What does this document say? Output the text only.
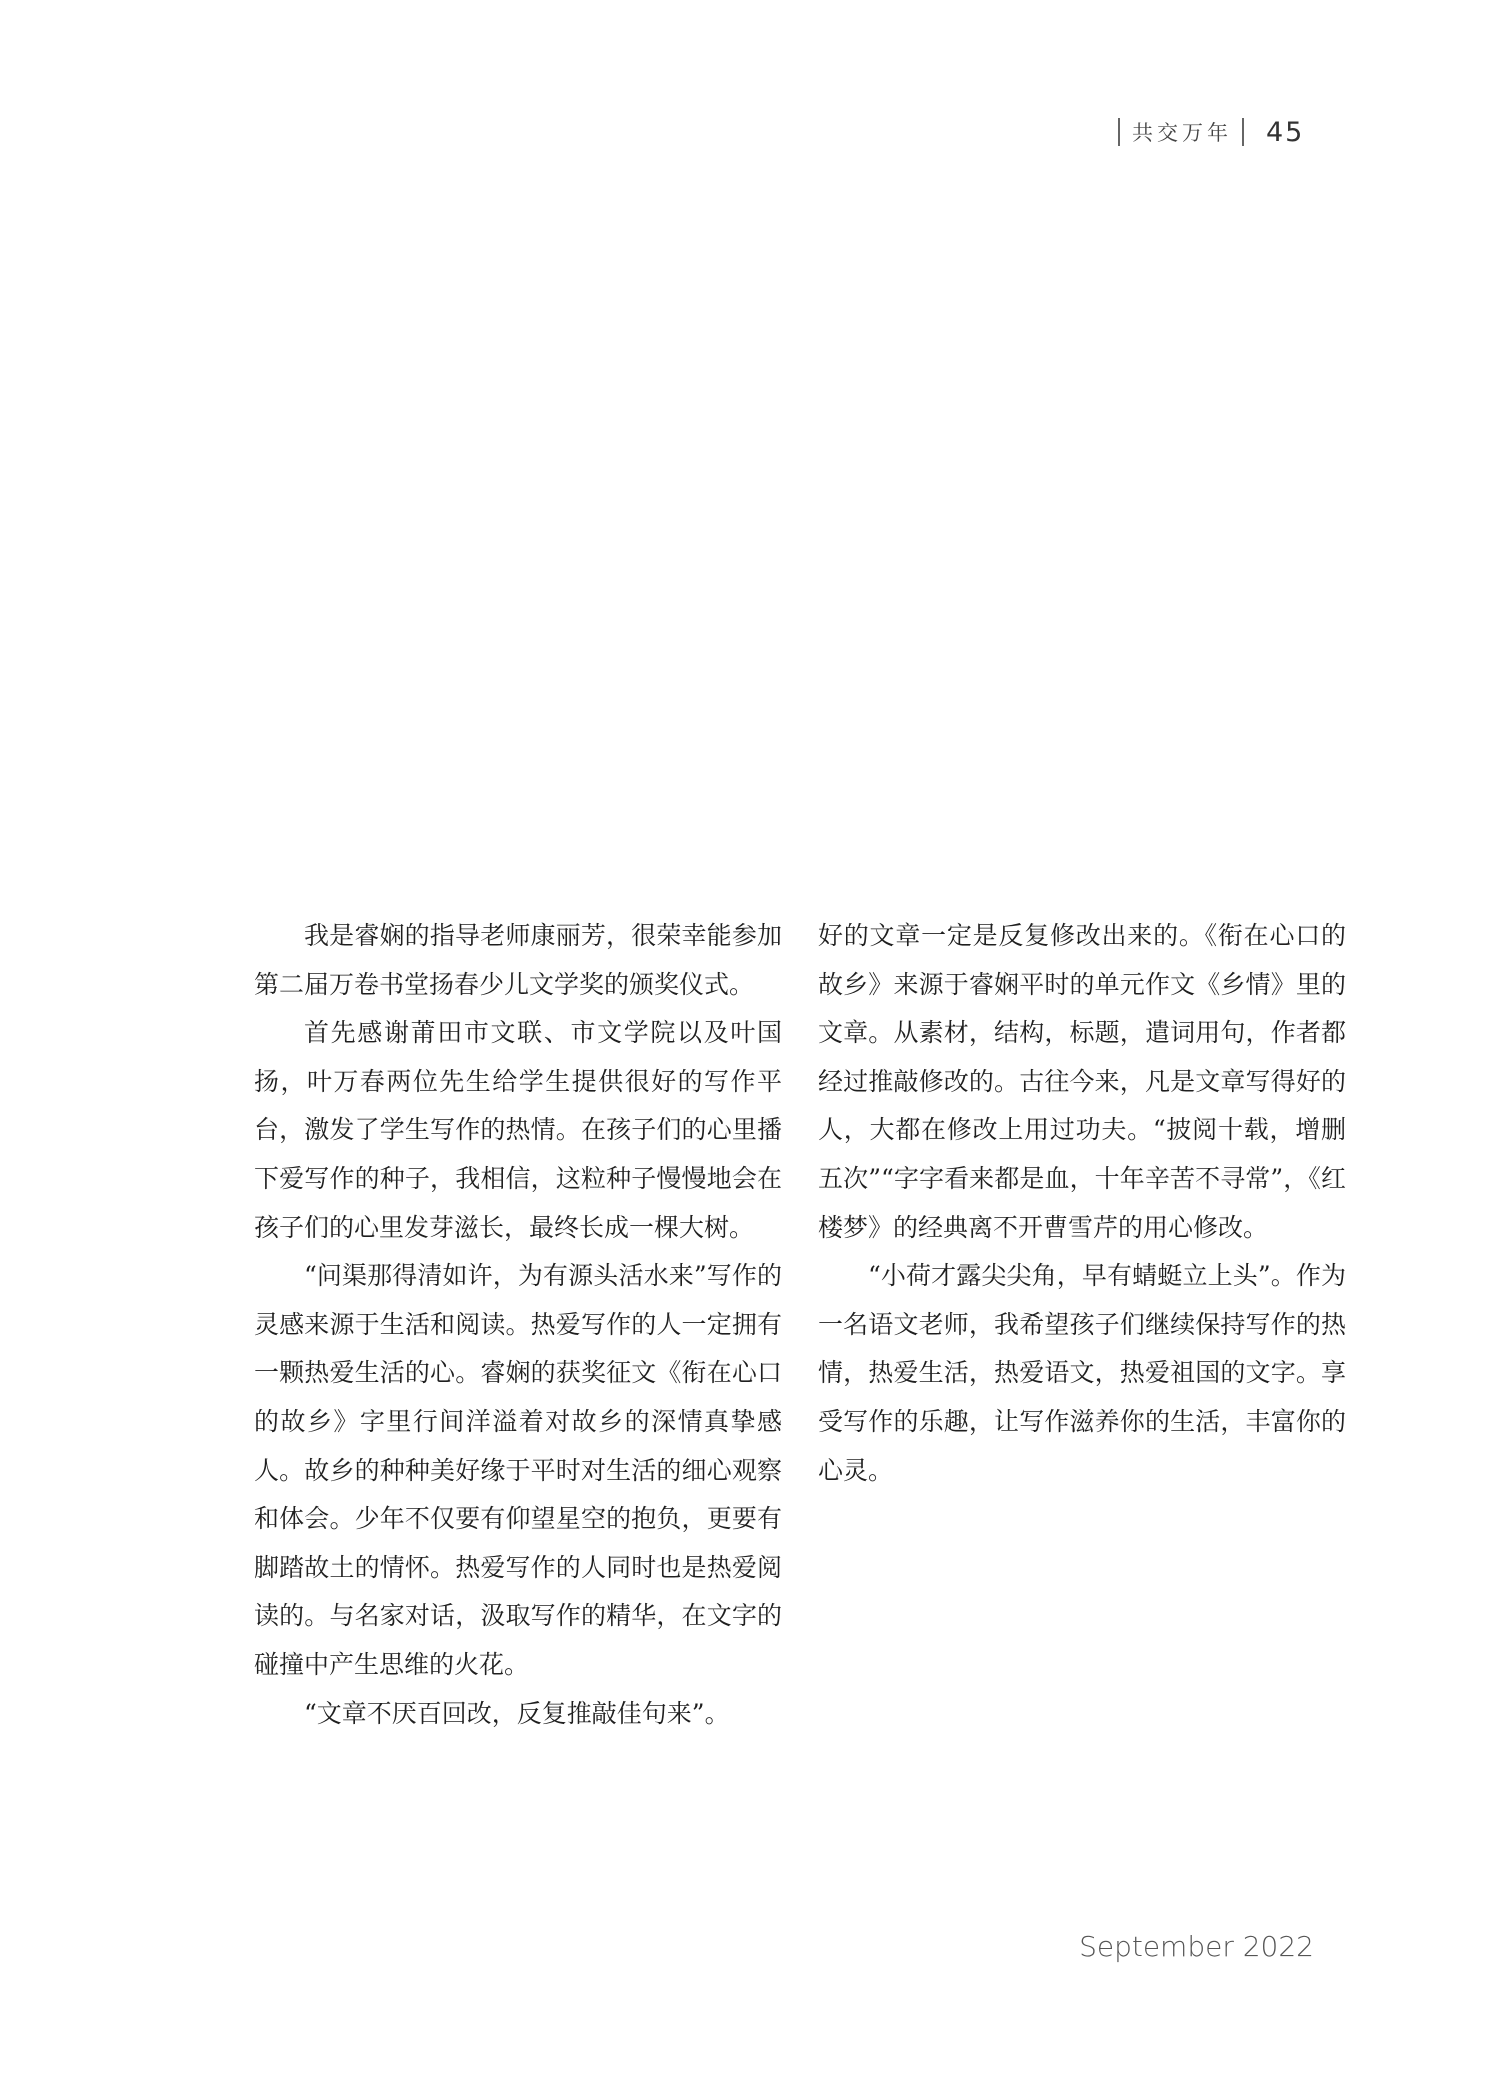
共交万年 45

我是睿娴的指导老师康丽芳，很荣幸能参加第二届万卷书堂扬春少儿文学奖的颁奖仪式。

首先感谢莆田市文联、市文学院以及叶国扬，叶万春两位先生给学生提供很好的写作平台，激发了学生写作的热情。在孩子们的心里播下爱写作的种子，我相信，这粒种子慢慢地会在孩子们的心里发芽滋长，最终长成一棵大树。

“问渠那得清如许，为有源头活水来”写作的灵感来源于生活和阅读。热爱写作的人一定拥有一颗热爱生活的心。睿娴的获奖征文《衔在心口的故乡》字里行间洋溢着对故乡的深情真挚感人。故乡的种种美好缘于平时对生活的细心观察和体会。少年不仅要有仰望星空的抱负，更要有脚踏故土的情怀。热爱写作的人同时也是热爱阅读的。与名家对话，汲取写作的精华，在文字的碰撞中产生思维的火花。

“文章不厌百回改，反复推敲佳句来”。

好的文章一定是反复修改出来的。《衔在心口的故乡》来源于睿娴平时的单元作文《乡情》里的文章。从素材，结构，标题，遣词用句，作者都经过推敲修改的。古往今来，凡是文章写得好的人，大都在修改上用过功夫。“披阅十载，增删五次”“字字看来都是血，十年辛苦不寻常”，《红楼梦》的经典离不开曹雪芹的用心修改。

“小荷才露尖尖角，早有蜻蜓立上头”。作为一名语文老师，我希望孩子们继续保持写作的热情，热爱生活，热爱语文，热爱祖国的文字。享受写作的乐趣，让写作滋养你的生活，丰富你的心灵。

September 2022
